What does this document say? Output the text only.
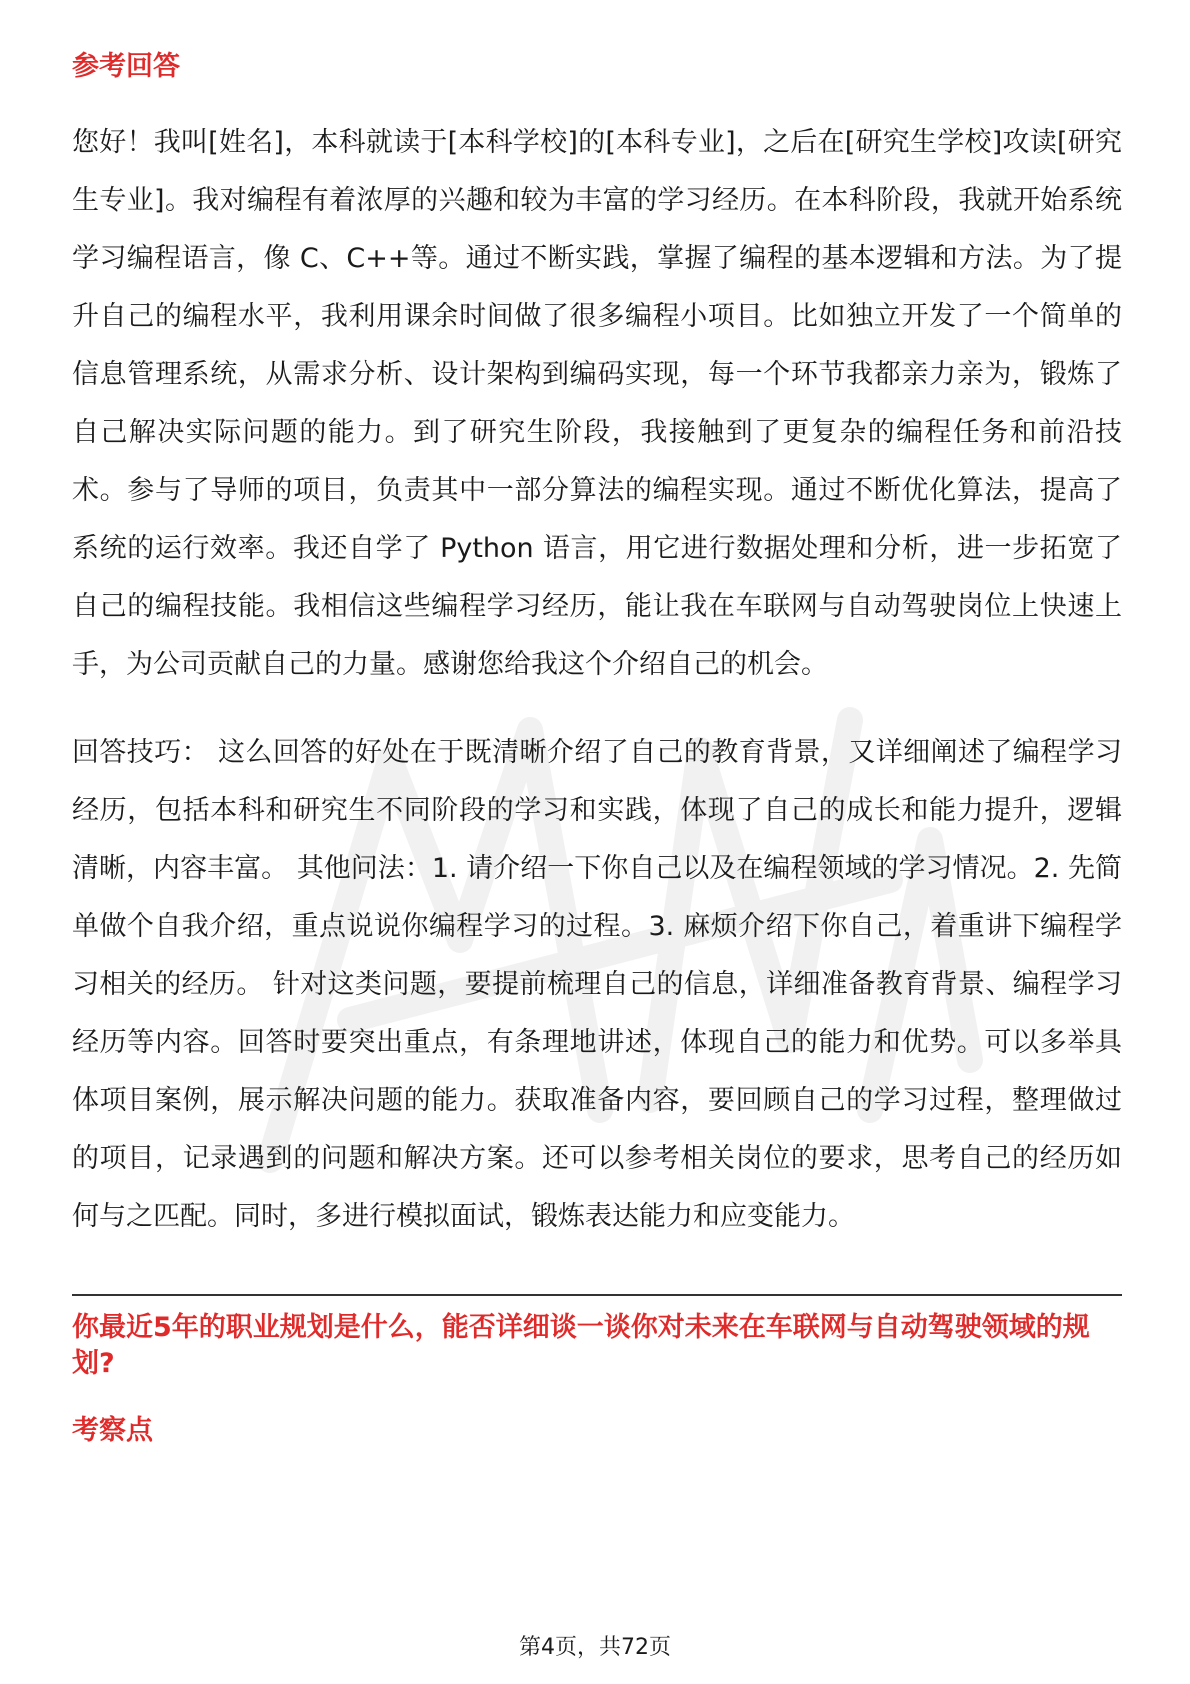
参考回答

您好！我叫[姓名]，本科就读于[本科学校]的[本科专业]，之后在[研究生学校]攻读[研究生专业]。我对编程有着浓厚的兴趣和较为丰富的学习经历。在本科阶段，我就开始系统学习编程语言，像 C、C++等。通过不断实践，掌握了编程的基本逻辑和方法。为了提升自己的编程水平，我利用课余时间做了很多编程小项目。比如独立开发了一个简单的信息管理系统，从需求分析、设计架构到编码实现，每一个环节我都亲力亲为，锻炼了自己解决实际问题的能力。到了研究生阶段，我接触到了更复杂的编程任务和前沿技术。参与了导师的项目，负责其中一部分算法的编程实现。通过不断优化算法，提高了系统的运行效率。我还自学了 Python 语言，用它进行数据处理和分析，进一步拓宽了自己的编程技能。我相信这些编程学习经历，能让我在车联网与自动驾驶岗位上快速上手，为公司贡献自己的力量。感谢您给我这个介绍自己的机会。

回答技巧： 这么回答的好处在于既清晰介绍了自己的教育背景，又详细阐述了编程学习经历，包括本科和研究生不同阶段的学习和实践，体现了自己的成长和能力提升，逻辑清晰，内容丰富。 其他问法：1. 请介绍一下你自己以及在编程领域的学习情况。2. 先简单做个自我介绍，重点说说你编程学习的过程。3. 麻烦介绍下你自己，着重讲下编程学习相关的经历。 针对这类问题，要提前梳理自己的信息，详细准备教育背景、编程学习经历等内容。回答时要突出重点，有条理地讲述，体现自己的能力和优势。可以多举具体项目案例，展示解决问题的能力。获取准备内容，要回顾自己的学习过程，整理做过的项目，记录遇到的问题和解决方案。还可以参考相关岗位的要求，思考自己的经历如何与之匹配。同时，多进行模拟面试，锻炼表达能力和应变能力。

你最近5年的职业规划是什么，能否详细谈一谈你对未来在车联网与自动驾驶领域的规划?
考察点
第4页，共72页
